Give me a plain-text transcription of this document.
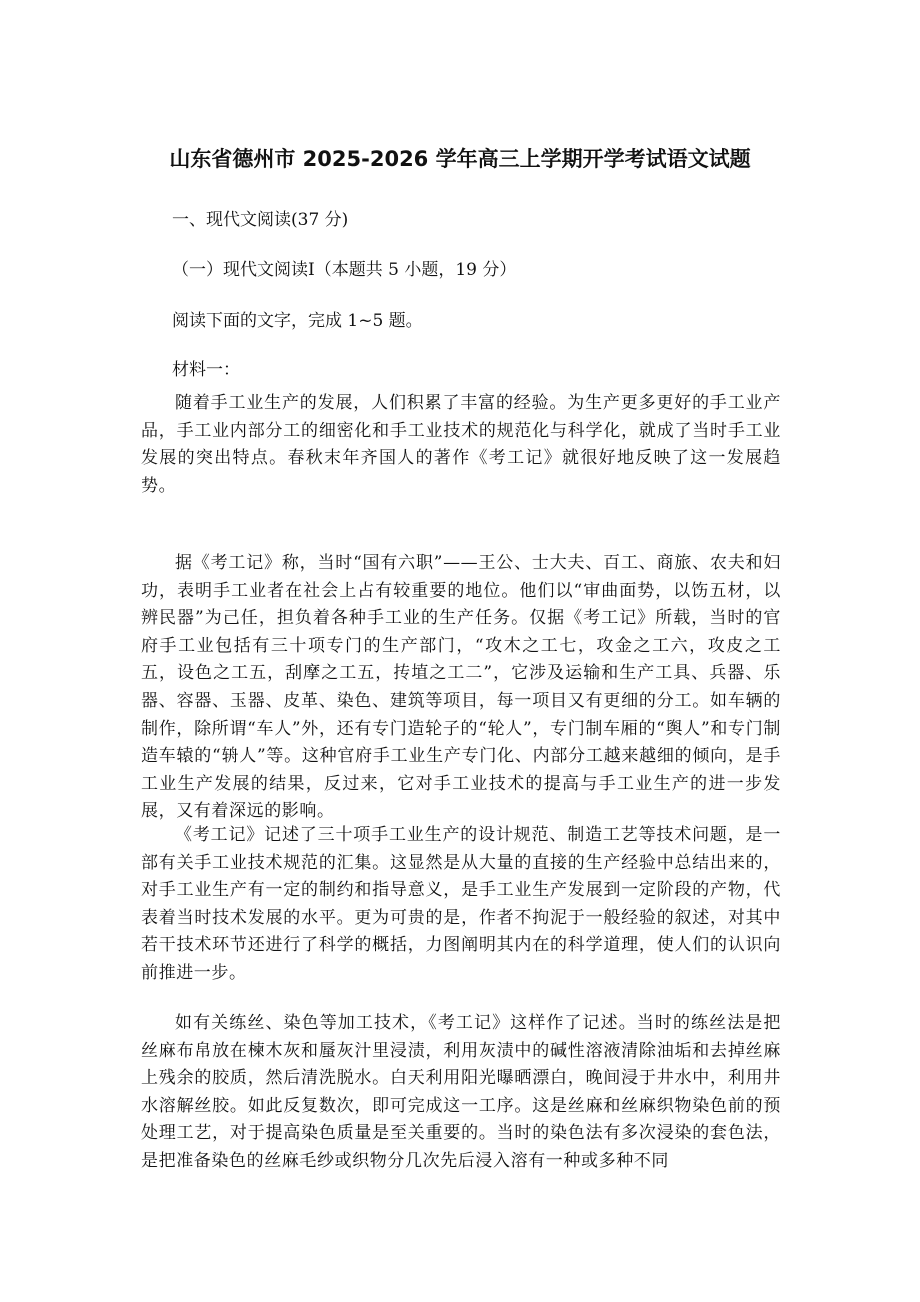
山东省德州市 2025-2026 学年高三上学期开学考试语文试题
一、现代文阅读(37 分)
（一）现代文阅读Ⅰ（本题共 5 小题，19 分）
阅读下面的文字，完成 1~5 题。
材料一：

随着手工业生产的发展，人们积累了丰富的经验。为生产更多更好的手工业产品，手工业内部分工的细密化和手工业技术的规范化与科学化，就成了当时手工业发展的突出特点。春秋末年齐国人的著作《考工记》就很好地反映了这一发展趋势。

据《考工记》称，当时“国有六职”——王公、士大夫、百工、商旅、农夫和妇功，表明手工业者在社会上占有较重要的地位。他们以“审曲面势，以饬五材，以辨民器”为己任，担负着各种手工业的生产任务。仅据《考工记》所载，当时的官府手工业包括有三十项专门的生产部门，“攻木之工七，攻金之工六，攻皮之工五，设色之工五，刮摩之工五，抟埴之工二”，它涉及运输和生产工具、兵器、乐器、容器、玉器、皮革、染色、建筑等项目，每一项目又有更细的分工。如车辆的制作，除所谓“车人”外，还有专门造轮子的“轮人”，专门制车厢的“舆人”和专门制造车辕的“辀人”等。这种官府手工业生产专门化、内部分工越来越细的倾向，是手工业生产发展的结果，反过来，它对手工业技术的提高与手工业生产的进一步发展，又有着深远的影响。

《考工记》记述了三十项手工业生产的设计规范、制造工艺等技术问题，是一部有关手工业技术规范的汇集。这显然是从大量的直接的生产经验中总结出来的，对手工业生产有一定的制约和指导意义，是手工业生产发展到一定阶段的产物，代表着当时技术发展的水平。更为可贵的是，作者不拘泥于一般经验的叙述，对其中若干技术环节还进行了科学的概括，力图阐明其内在的科学道理，使人们的认识向前推进一步。

如有关练丝、染色等加工技术，《考工记》这样作了记述。当时的练丝法是把丝麻布帛放在楝木灰和蜃灰汁里浸渍，利用灰渍中的碱性溶液清除油垢和去掉丝麻上残余的胶质，然后清洗脱水。白天利用阳光曝晒漂白，晚间浸于井水中，利用井水溶解丝胶。如此反复数次，即可完成这一工序。这是丝麻和丝麻织物染色前的预处理工艺，对于提高染色质量是至关重要的。当时的染色法有多次浸染的套色法，是把准备染色的丝麻毛纱或织物分几次先后浸入溶有一种或多种不同
